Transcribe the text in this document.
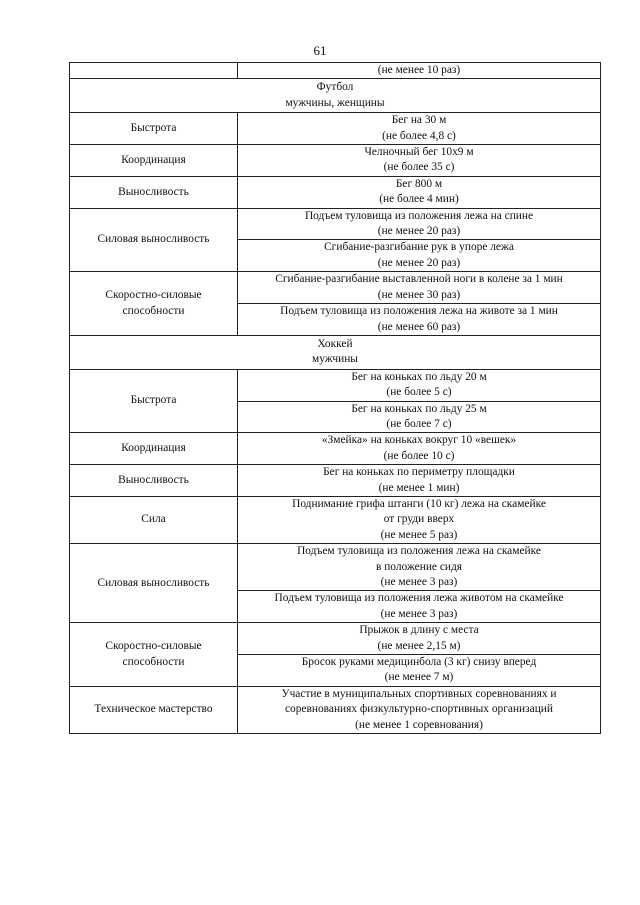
61

	(не менее 10 раз)

Футбол
мужчины, женщины	

Быстрота	Бег на 30 м
(не более 4,8 с)

Координация	Челночный бег 10х9 м
(не более 35 с)

Выносливость	Бег 800 м
(не более 4 мин)

Силовая выносливость	Подъем туловища из положения лежа на спине
(не менее 20 раз)

	Сгибание-разгибание рук в упоре лежа
(не менее 20 раз)

Скоростно-силовые
способности	Сгибание-разгибание выставленной ноги в колене за 1 мин
(не менее 30 раз)

	Подъем туловища из положения лежа на животе за 1 мин
(не менее 60 раз)

Хоккей
мужчины	

Быстрота	Бег на коньках по льду 20 м
(не более 5 с)

	Бег на коньках по льду 25 м
(не более 7 с)

Координация	«Змейка» на коньках вокруг 10 «вешек»
(не более 10 с)

Выносливость	Бег на коньках по периметру площадки
(не менее 1 мин)

Сила	Поднимание грифа штанги (10 кг) лежа на скамейке
от груди вверх
(не менее 5 раз)

Силовая выносливость	Подъем туловища из положения лежа на скамейке
в положение сидя
(не менее 3 раз)

	Подъем туловища из положения лежа животом на скамейке
(не менее 3 раз)

Скоростно-силовые
способности	Прыжок в длину с места
(не менее 2,15 м)

	Бросок руками медицинбола (3 кг) снизу вперед
(не менее 7 м)

Техническое мастерство	Участие в муниципальных спортивных соревнованиях и
соревнованиях физкультурно-спортивных организаций
(не менее 1 соревнования)
